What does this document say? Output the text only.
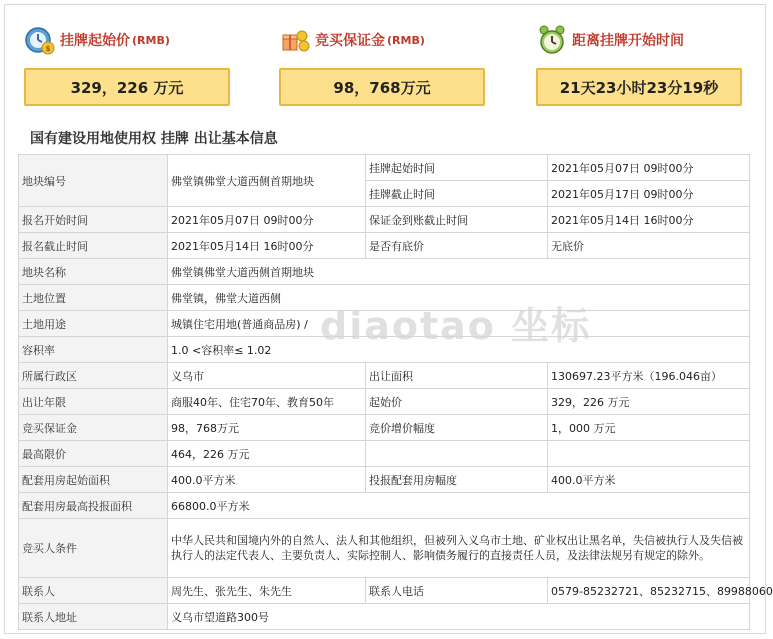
$ 挂牌起始价 (RMB)
329，226 万元
竞买保证金 (RMB)
98，768万元
距离挂牌开始时间
21天23小时23分19秒
国有建设用地使用权 挂牌 出让基本信息
diaotao 坐标
地块编号	佛堂镇佛堂大道西侧首期地块	挂牌起始时间	2021年05月07日 09时00分
		挂牌截止时间	2021年05月17日 09时00分
报名开始时间	2021年05月07日 09时00分	保证金到账截止时间	2021年05月14日 16时00分
报名截止时间	2021年05月14日 16时00分	是否有底价	无底价
地块名称	佛堂镇佛堂大道西侧首期地块		
土地位置	佛堂镇，佛堂大道西侧		
土地用途	城镇住宅用地(普通商品房) /		
容积率	1.0 <容积率≤ 1.02		
所属行政区	义乌市	出让面积	130697.23平方米（196.046亩）
出让年限	商服40年、住宅70年、教育50年	起始价	329，226 万元
竞买保证金	98，768万元	竞价增价幅度	1，000 万元
最高限价	464，226 万元		
配套用房起始面积	400.0平方米	投报配套用房幅度	400.0平方米
配套用房最高投报面积	66800.0平方米		
竞买人条件	中华人民共和国境内外的自然人、法人和其他组织，但被列入义乌市土地、矿业权出让黑名单，失信被执行人及失信被执行人的法定代表人、主要负责人、实际控制人、影响债务履行的直接责任人员，及法律法规另有规定的除外。		
联系人	周先生、张先生、朱先生	联系人电话	0579-85232721、85232715、89988060
联系人地址	义乌市望道路300号		
